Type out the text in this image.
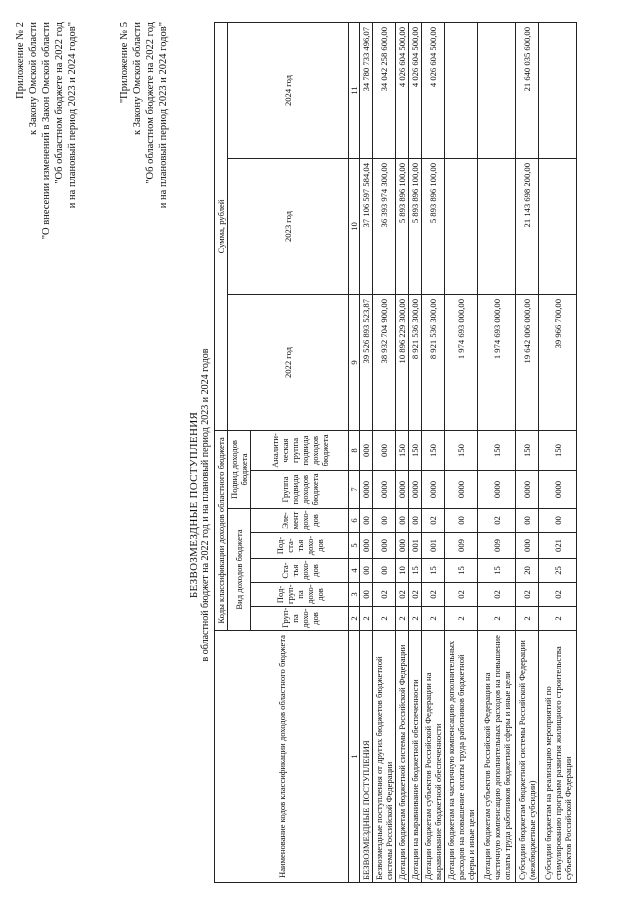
Приложение № 2 к Закону Омской области "О внесении изменений в Закон Омской области "Об областном бюджете на 2022 год и на плановый период 2023 и 2024 годов"	"Приложение № 5 к Закону Омской области "Об областном бюджете на 2022 год и на плановый период 2023 и 2024 годов"
БЕЗВОЗМЕЗДНЫЕ ПОСТУПЛЕНИЯ в областной бюджет на 2022 год и на плановый период 2023 и 2024 годов
Наименование кодов классификации доходов областного бюджета	Коды классификации доходов областного бюджета							Сумма, рублей		
	Вид доходов бюджета					Подвид доходов бюджета		2022 год	2023 год	2024 год
	Груп-па дохо-дов	Под-груп-па дохо-дов	Ста-тья дохо-дов	Под-ста-тья дохо-дов	Эле-мент дохо-дов	Группа подвида доходов бюджета	Аналити-ческая группа подвида доходов бюджета			
1	2	3	4	5	6	7	8	9	10	11
БЕЗВОЗМЕЗДНЫЕ ПОСТУПЛЕНИЯ	2	00	00	000	00	0000	000	39 526 893 523,87	37 106 597 584,04	34 780 733 496,07
Безвозмездные поступления от других бюджетов бюджетной системы Российской Федерации	2	02	00	000	00	0000	000	38 932 704 900,00	36 393 974 300,00	34 042 258 600,00
Дотации бюджетам бюджетной системы Российской Федерации	2	02	10	000	00	0000	150	10 896 229 300,00	5 893 896 100,00	4 026 604 500,00
Дотации на выравнивание бюджетной обеспеченности	2	02	15	001	00	0000	150	8 921 536 300,00	5 893 896 100,00	4 026 604 500,00
Дотации бюджетам субъектов Российской Федерации на выравнивание бюджетной обеспеченности	2	02	15	001	02	0000	150	8 921 536 300,00	5 893 896 100,00	4 026 604 500,00
Дотации бюджетам на частичную компенсацию дополнительных расходов на повышение оплаты труда работников бюджетной сферы и иные цели	2	02	15	009	00	0000	150	1 974 693 000,00		
Дотации бюджетам субъектов Российской Федерации на частичную компенсацию дополнительных расходов на повышение оплаты труда работников бюджетной сферы и иные цели	2	02	15	009	02	0000	150	1 974 693 000,00		
Субсидии бюджетам бюджетной системы Российской Федерации (межбюджетные субсидии)	2	02	20	000	00	0000	150	19 642 006 000,00	21 143 698 200,00	21 640 035 600,00
Субсидии бюджетам на реализацию мероприятий по стимулированию программ развития жилищного строительства субъектов Российской Федерации	2	02	25	021	00	0000	150	39 966 700,00		
